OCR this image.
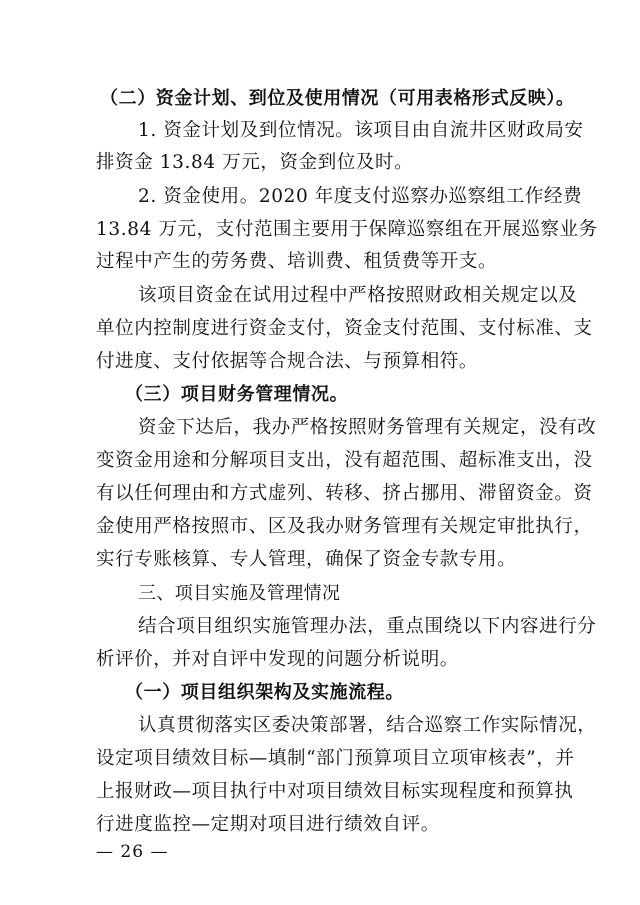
（二）资金计划、到位及使用情况（可用表格形式反映）。
1. 资金计划及到位情况。该项目由自流井区财政局安
排资金 13.84 万元，资金到位及时。
2. 资金使用。2020 年度支付巡察办巡察组工作经费
13.84 万元，支付范围主要用于保障巡察组在开展巡察业务
过程中产生的劳务费、培训费、租赁费等开支。
该项目资金在试用过程中严格按照财政相关规定以及
单位内控制度进行资金支付，资金支付范围、支付标准、支
付进度、支付依据等合规合法、与预算相符。
（三）项目财务管理情况。
资金下达后，我办严格按照财务管理有关规定，没有改
变资金用途和分解项目支出，没有超范围、超标准支出，没
有以任何理由和方式虚列、转移、挤占挪用、滞留资金。资
金使用严格按照市、区及我办财务管理有关规定审批执行，
实行专账核算、专人管理，确保了资金专款专用。
三、项目实施及管理情况
结合项目组织实施管理办法，重点围绕以下内容进行分
析评价，并对自评中发现的问题分析说明。
（一）项目组织架构及实施流程。
认真贯彻落实区委决策部署，结合巡察工作实际情况，
设定项目绩效目标—填制“部门预算项目立项审核表”，并
上报财政—项目执行中对项目绩效目标实现程度和预算执
行进度监控—定期对项目进行绩效自评。
— 26 —
